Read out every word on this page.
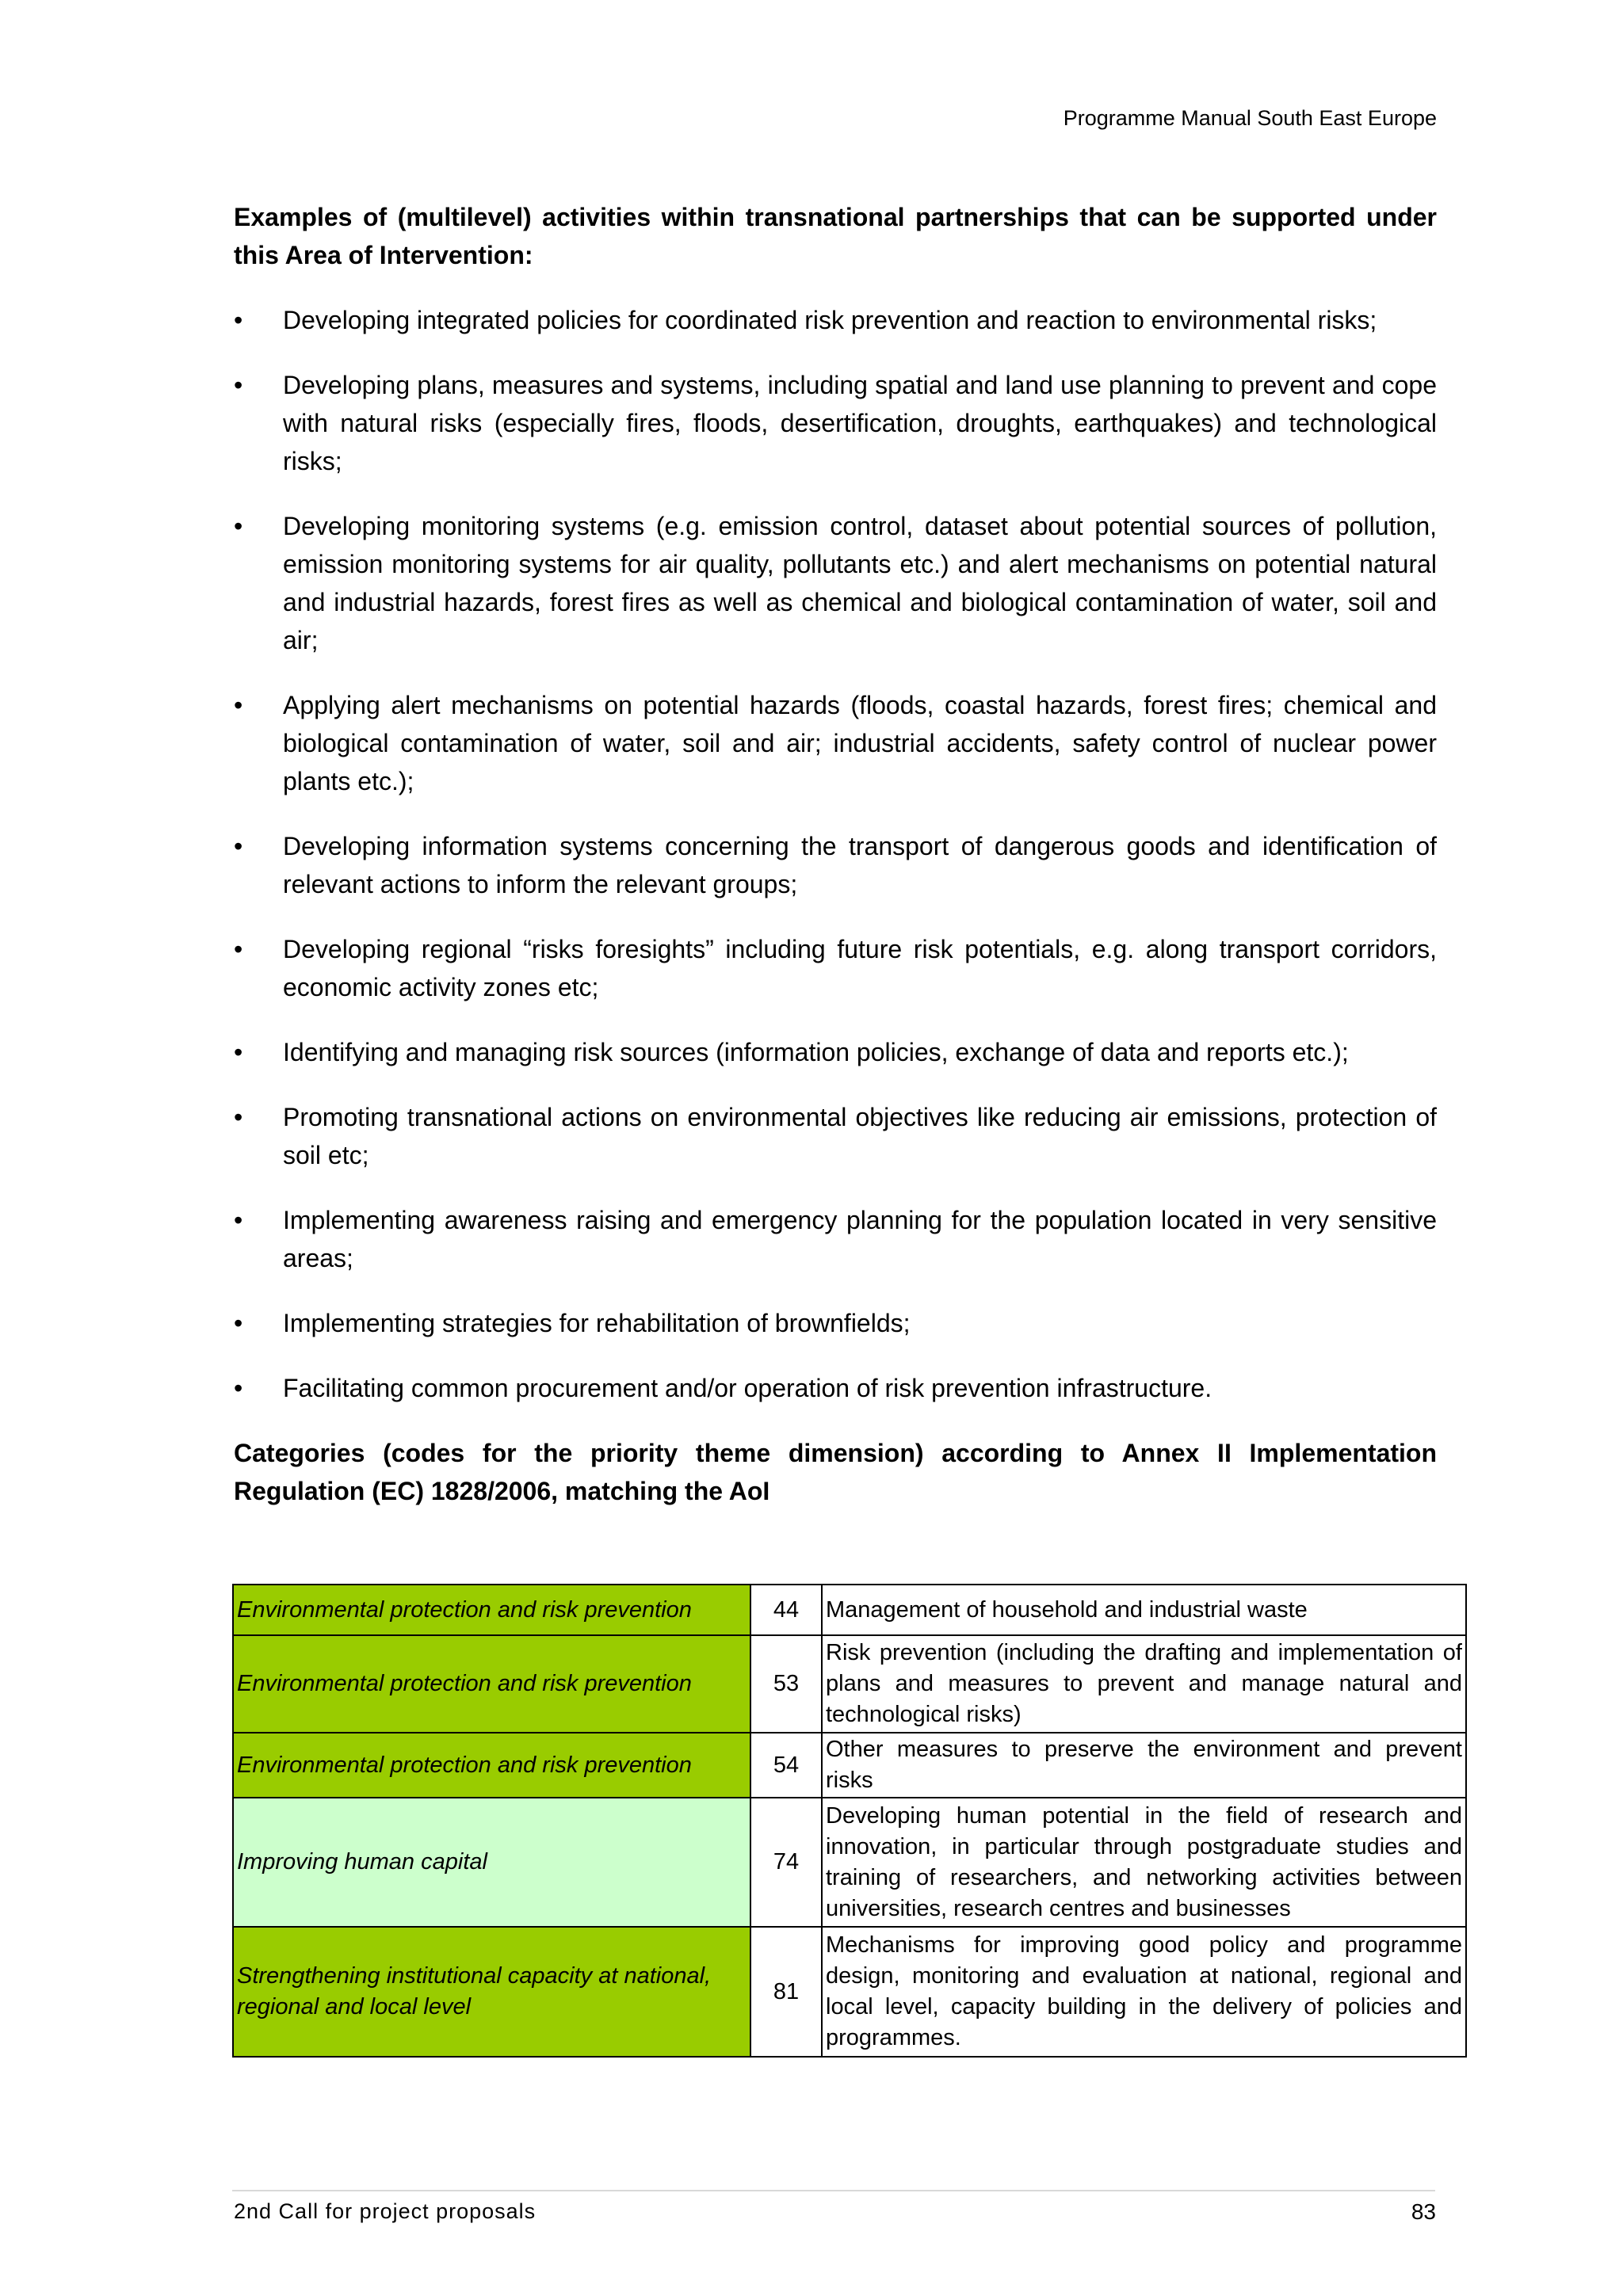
Programme Manual South East Europe

Examples of (multilevel) activities within transnational partnerships that can be supported under this Area of Intervention:

• Developing integrated policies for coordinated risk prevention and reaction to environmental risks;
• Developing plans, measures and systems, including spatial and land use planning to prevent and cope with natural risks (especially fires, floods, desertification, droughts, earthquakes) and technological risks;
• Developing monitoring systems (e.g. emission control, dataset about potential sources of pollution, emission monitoring systems for air quality, pollutants etc.) and alert mechanisms on potential natural and industrial hazards, forest fires as well as chemical and biological contamination of water, soil and air;
• Applying alert mechanisms on potential hazards (floods, coastal hazards, forest fires; chemical and biological contamination of water, soil and air; industrial accidents, safety control of nuclear power plants etc.);
• Developing information systems concerning the transport of dangerous goods and identification of relevant actions to inform the relevant groups;
• Developing regional “risks foresights” including future risk potentials, e.g. along transport corridors, economic activity zones etc;
• Identifying and managing risk sources (information policies, exchange of data and reports etc.);
• Promoting transnational actions on environmental objectives like reducing air emissions, protection of soil etc;
• Implementing awareness raising and emergency planning for the population located in very sensitive areas;
• Implementing strategies for rehabilitation of brownfields;
• Facilitating common procurement and/or operation of risk prevention infrastructure.

Categories (codes for the priority theme dimension) according to Annex II Implementation Regulation (EC) 1828/2006, matching the AoI

Environmental protection and risk prevention	44	Management of household and industrial waste
Environmental protection and risk prevention	53	Risk prevention (including the drafting and implementation of plans and measures to prevent and manage natural and technological risks)
Environmental protection and risk prevention	54	Other measures to preserve the environment and prevent risks
Improving human capital	74	Developing human potential in the field of research and innovation, in particular through postgraduate studies and training of researchers, and networking activities between universities, research centres and businesses
Strengthening institutional capacity at national, regional and local level	81	Mechanisms for improving good policy and programme design, monitoring and evaluation at national, regional and local level, capacity building in the delivery of policies and programmes.
2nd Call for project proposals	83
